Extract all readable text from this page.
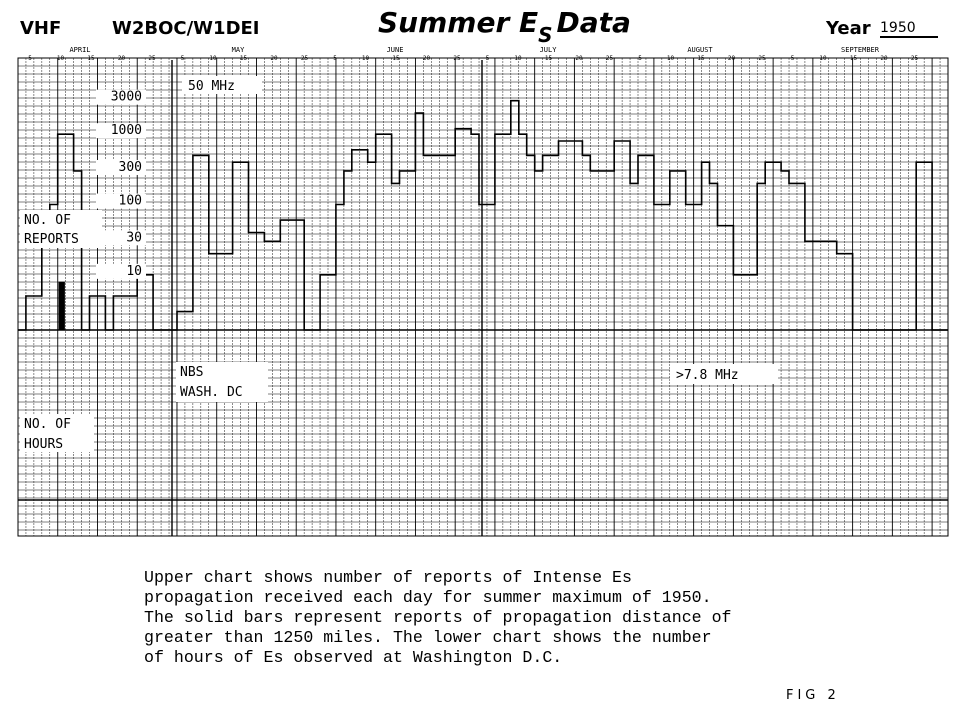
VHF	W2BOC/W1DEI	Summer $E_S$ Data	Year 1950
APRIL	MAY	JUNE	JULY	AUGUST	SEPTEMBER
5	10	15	20	25	5	10	15	20	25	5	10	15	20	25	5	10	15	20	25	5	10	15	20	25	5	10	15	20	25
50 MHz
NO. OF
REPORTS
NBS
WASH. DC
>7.8 MHz
NO. OF
HOURS
10
30
100
300
1000
3000
Upper chart shows number of reports of Intense Es
propagation received each day for summer maximum of 1950.
The solid bars represent reports of propagation distance of
greater than 1250 miles. The lower chart shows the number
of hours of Es observed at Washington D.C.
FIG 2
